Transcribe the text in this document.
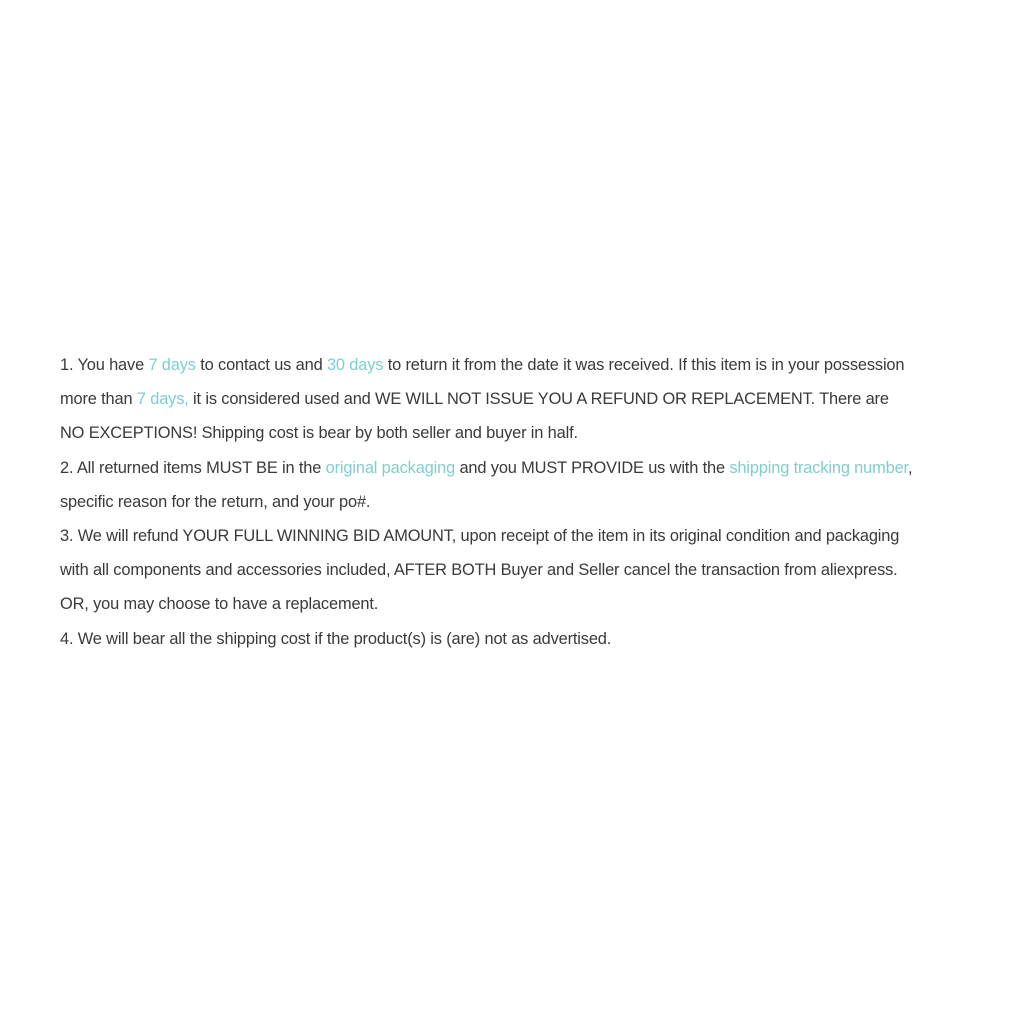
1. You have 7 days to contact us and 30 days to return it from the date it was received. If this item is in your possession
more than 7 days, it is considered used and WE WILL NOT ISSUE YOU A REFUND OR REPLACEMENT. There are
NO EXCEPTIONS! Shipping cost is bear by both seller and buyer in half.
2. All returned items MUST BE in the original packaging and you MUST PROVIDE us with the shipping tracking number,
specific reason for the return, and your po#.
3. We will refund YOUR FULL WINNING BID AMOUNT, upon receipt of the item in its original condition and packaging
with all components and accessories included, AFTER BOTH Buyer and Seller cancel the transaction from aliexpress.
OR, you may choose to have a replacement.
4. We will bear all the shipping cost if the product(s) is (are) not as advertised.
